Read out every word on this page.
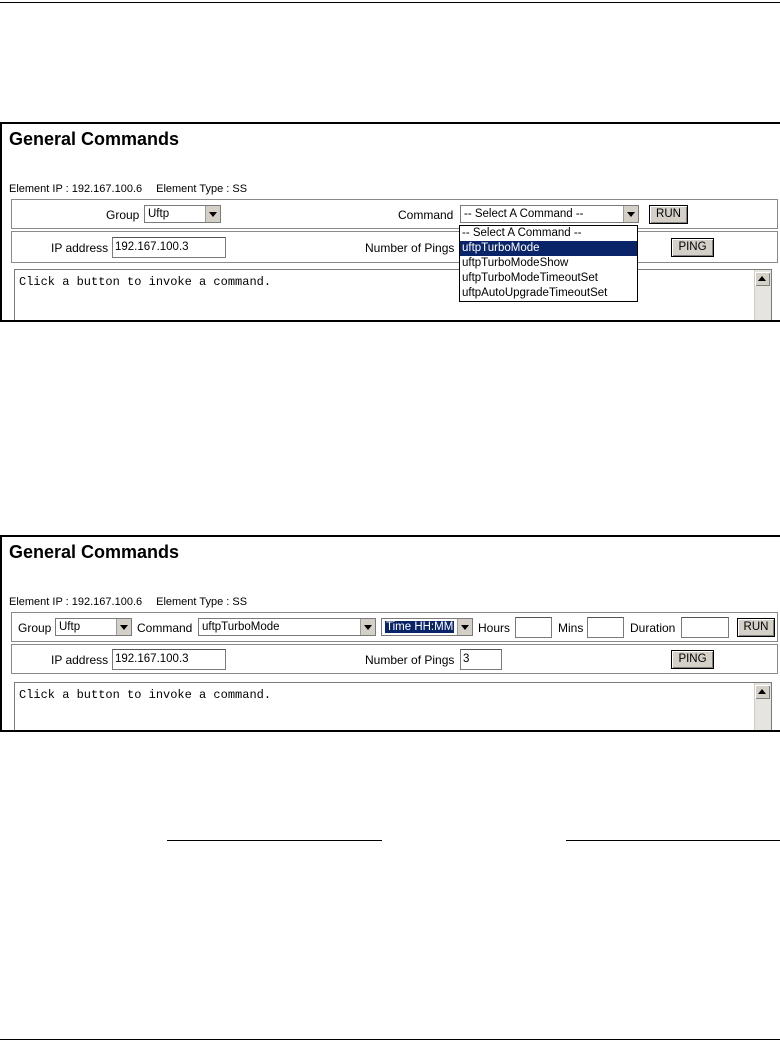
General Commands
Element IP : 192.167.100.6 Element Type : SS
Group Uftp	Command -- Select A Command --	RUN
IP address 192.167.100.3	Number of Pings	PING
Click a button to invoke a command.
-- Select A Command --
uftpTurboMode
uftpTurboModeShow
uftpTurboModeTimeoutSet
uftpAutoUpgradeTimeoutSet
General Commands
Element IP : 192.167.100.6 Element Type : SS
Group Uftp	Command uftpTurboMode	Time HH:MM	Hours	Mins	Duration	RUN
IP address 192.167.100.3	Number of Pings 3	PING
Click a button to invoke a command.
